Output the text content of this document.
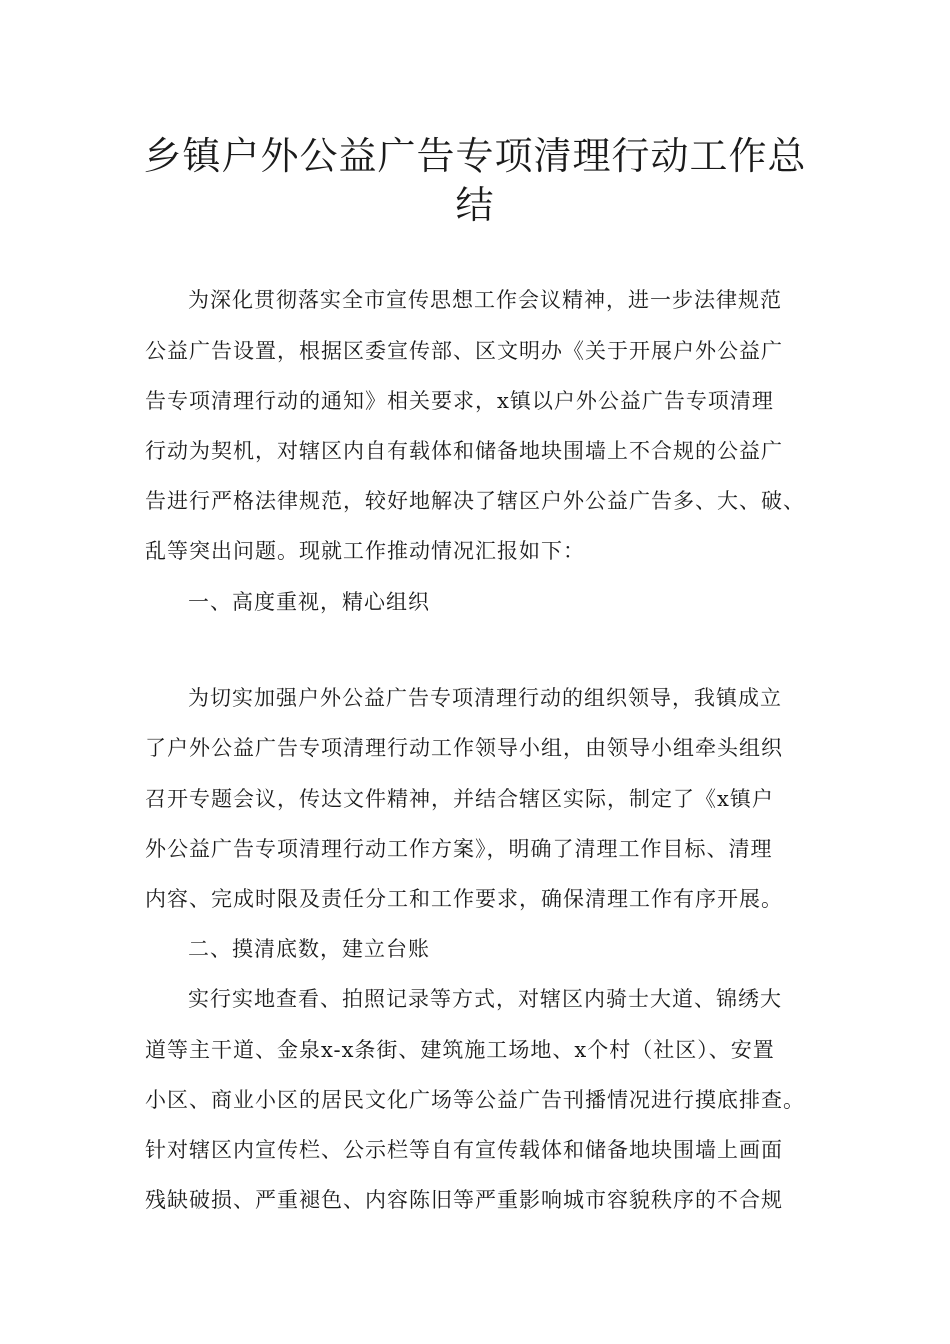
乡镇户外公益广告专项清理行动工作总
结
为深化贯彻落实全市宣传思想工作会议精神，进一步法律规范
公益广告设置，根据区委宣传部、区文明办《关于开展户外公益广
告专项清理行动的通知》相关要求，x镇以户外公益广告专项清理
行动为契机，对辖区内自有载体和储备地块围墙上不合规的公益广
告进行严格法律规范，较好地解决了辖区户外公益广告多、大、破、
乱等突出问题。现就工作推动情况汇报如下：
一、高度重视，精心组织
为切实加强户外公益广告专项清理行动的组织领导，我镇成立
了户外公益广告专项清理行动工作领导小组，由领导小组牵头组织
召开专题会议，传达文件精神，并结合辖区实际，制定了《x镇户
外公益广告专项清理行动工作方案》，明确了清理工作目标、清理
内容、完成时限及责任分工和工作要求，确保清理工作有序开展。
二、摸清底数，建立台账
实行实地查看、拍照记录等方式，对辖区内骑士大道、锦绣大
道等主干道、金泉x-x条街、建筑施工场地、x个村（社区）、安置
小区、商业小区的居民文化广场等公益广告刊播情况进行摸底排查。
针对辖区内宣传栏、公示栏等自有宣传载体和储备地块围墙上画面
残缺破损、严重褪色、内容陈旧等严重影响城市容貌秩序的不合规
